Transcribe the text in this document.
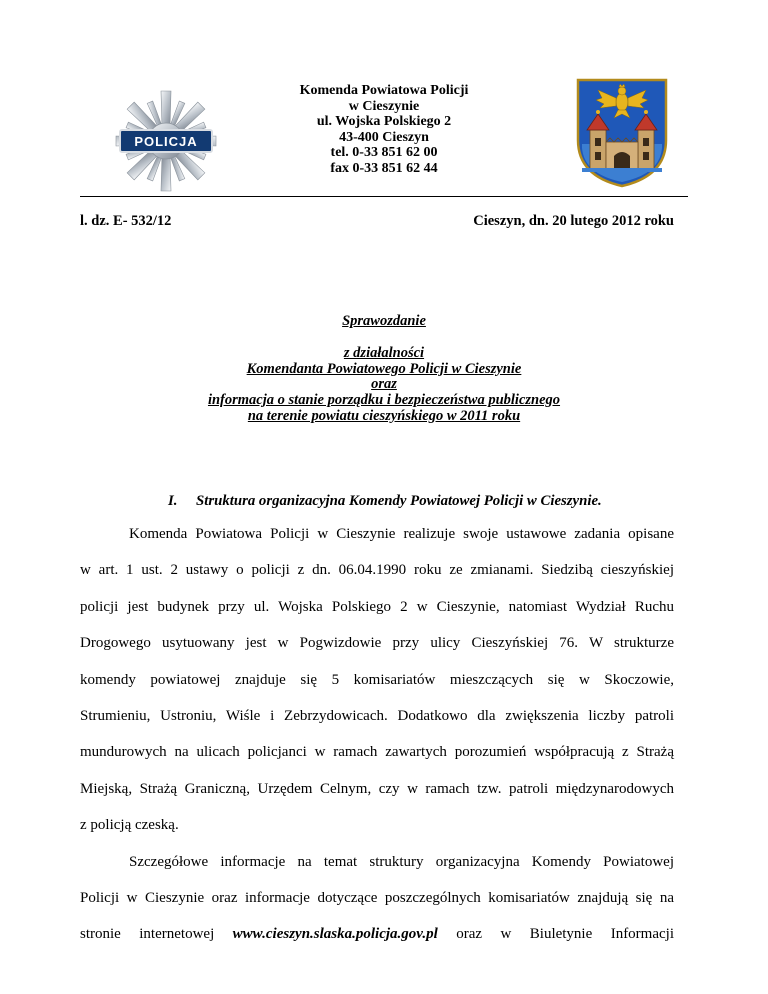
POLICJA
Komenda Powiatowa Policji
w Cieszynie
ul. Wojska Polskiego 2
43-400 Cieszyn
tel. 0-33 851 62 00
fax 0-33 851 62 44
l. dz. E- 532/12	Cieszyn, dn. 20 lutego 2012 roku
Sprawozdanie
z działalności
Komendanta Powiatowego Policji w Cieszynie
oraz
informacja o stanie porządku i bezpieczeństwa publicznego
na terenie powiatu cieszyńskiego w 2011 roku
I. Struktura organizacyjna Komendy Powiatowej Policji w Cieszynie.
Komenda Powiatowa Policji w Cieszynie realizuje swoje ustawowe zadania opisane
w art. 1 ust. 2 ustawy o policji z dn. 06.04.1990 roku ze zmianami. Siedzibą cieszyńskiej
policji jest budynek przy ul. Wojska Polskiego 2 w Cieszynie, natomiast Wydział Ruchu
Drogowego usytuowany jest w Pogwizdowie przy ulicy Cieszyńskiej 76. W strukturze
komendy powiatowej znajduje się 5 komisariatów mieszczących się w Skoczowie,
Strumieniu, Ustroniu, Wiśle i Zebrzydowicach. Dodatkowo dla zwiększenia liczby patroli
mundurowych na ulicach policjanci w ramach zawartych porozumień współpracują z Strażą
Miejską, Strażą Graniczną, Urzędem Celnym, czy w ramach tzw. patroli międzynarodowych
z policją czeską.
Szczegółowe informacje na temat struktury organizacyjna Komendy Powiatowej
Policji w Cieszynie oraz informacje dotyczące poszczególnych komisariatów znajdują się na
stronie internetowej www.cieszyn.slaska.policja.gov.pl oraz w Biuletynie Informacji
